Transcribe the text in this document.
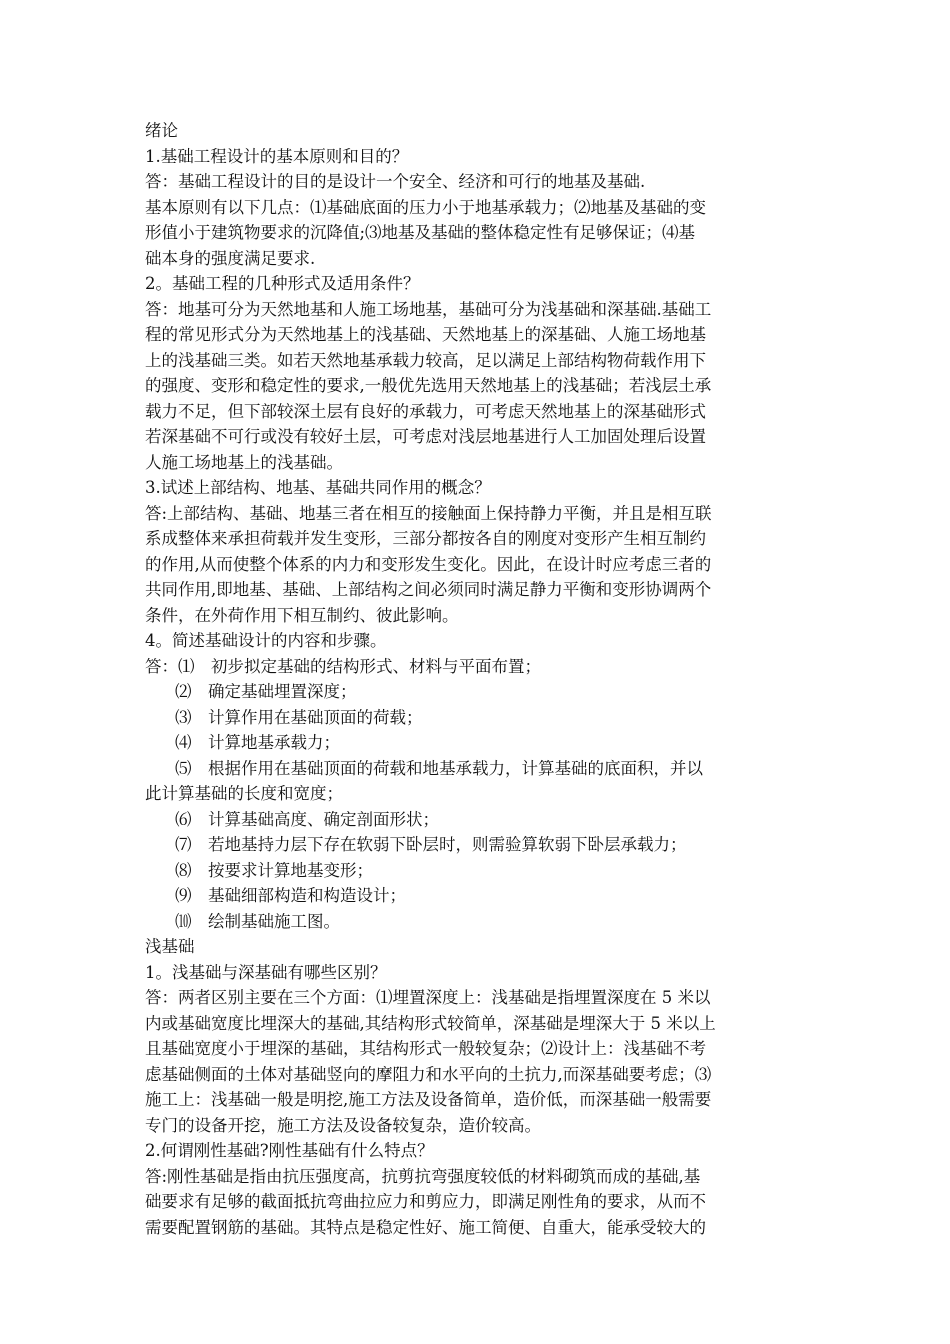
绪论
1.基础工程设计的基本原则和目的？
答：基础工程设计的目的是设计一个安全、经济和可行的地基及基础.
基本原则有以下几点：⑴基础底面的压力小于地基承载力；⑵地基及基础的变
形值小于建筑物要求的沉降值;⑶地基及基础的整体稳定性有足够保证；⑷基
础本身的强度满足要求.
2。基础工程的几种形式及适用条件？
答：地基可分为天然地基和人施工场地基，基础可分为浅基础和深基础.基础工
程的常见形式分为天然地基上的浅基础、天然地基上的深基础、人施工场地基
上的浅基础三类。如若天然地基承载力较高，足以满足上部结构物荷载作用下
的强度、变形和稳定性的要求,一般优先选用天然地基上的浅基础；若浅层土承
载力不足，但下部较深土层有良好的承载力，可考虑天然地基上的深基础形式
若深基础不可行或没有较好土层，可考虑对浅层地基进行人工加固处理后设置
人施工场地基上的浅基础。
3.试述上部结构、地基、基础共同作用的概念？
答:上部结构、基础、地基三者在相互的接触面上保持静力平衡，并且是相互联
系成整体来承担荷载并发生变形，三部分都按各自的刚度对变形产生相互制约
的作用,从而使整个体系的内力和变形发生变化。因此，在设计时应考虑三者的
共同作用,即地基、基础、上部结构之间必须同时满足静力平衡和变形协调两个
条件，在外荷作用下相互制约、彼此影响。
4。简述基础设计的内容和步骤。
答：⑴　初步拟定基础的结构形式、材料与平面布置；
⑵　确定基础埋置深度；
⑶　计算作用在基础顶面的荷载；
⑷　计算地基承载力；
⑸　根据作用在基础顶面的荷载和地基承载力，计算基础的底面积，并以
此计算基础的长度和宽度；
⑹　计算基础高度、确定剖面形状；
⑺　若地基持力层下存在软弱下卧层时，则需验算软弱下卧层承载力；
⑻　按要求计算地基变形；
⑼　基础细部构造和构造设计；
⑽　绘制基础施工图。
浅基础
1。浅基础与深基础有哪些区别？
答：两者区别主要在三个方面：⑴埋置深度上：浅基础是指埋置深度在 5 米以
内或基础宽度比埋深大的基础,其结构形式较简单，深基础是埋深大于 5 米以上
且基础宽度小于埋深的基础，其结构形式一般较复杂；⑵设计上：浅基础不考
虑基础侧面的土体对基础竖向的摩阻力和水平向的土抗力,而深基础要考虑；⑶
施工上：浅基础一般是明挖,施工方法及设备简单，造价低，而深基础一般需要
专门的设备开挖，施工方法及设备较复杂，造价较高。
2.何谓刚性基础?刚性基础有什么特点？
答:刚性基础是指由抗压强度高，抗剪抗弯强度较低的材料砌筑而成的基础,基
础要求有足够的截面抵抗弯曲拉应力和剪应力，即满足刚性角的要求，从而不
需要配置钢筋的基础。其特点是稳定性好、施工简便、自重大，能承受较大的
